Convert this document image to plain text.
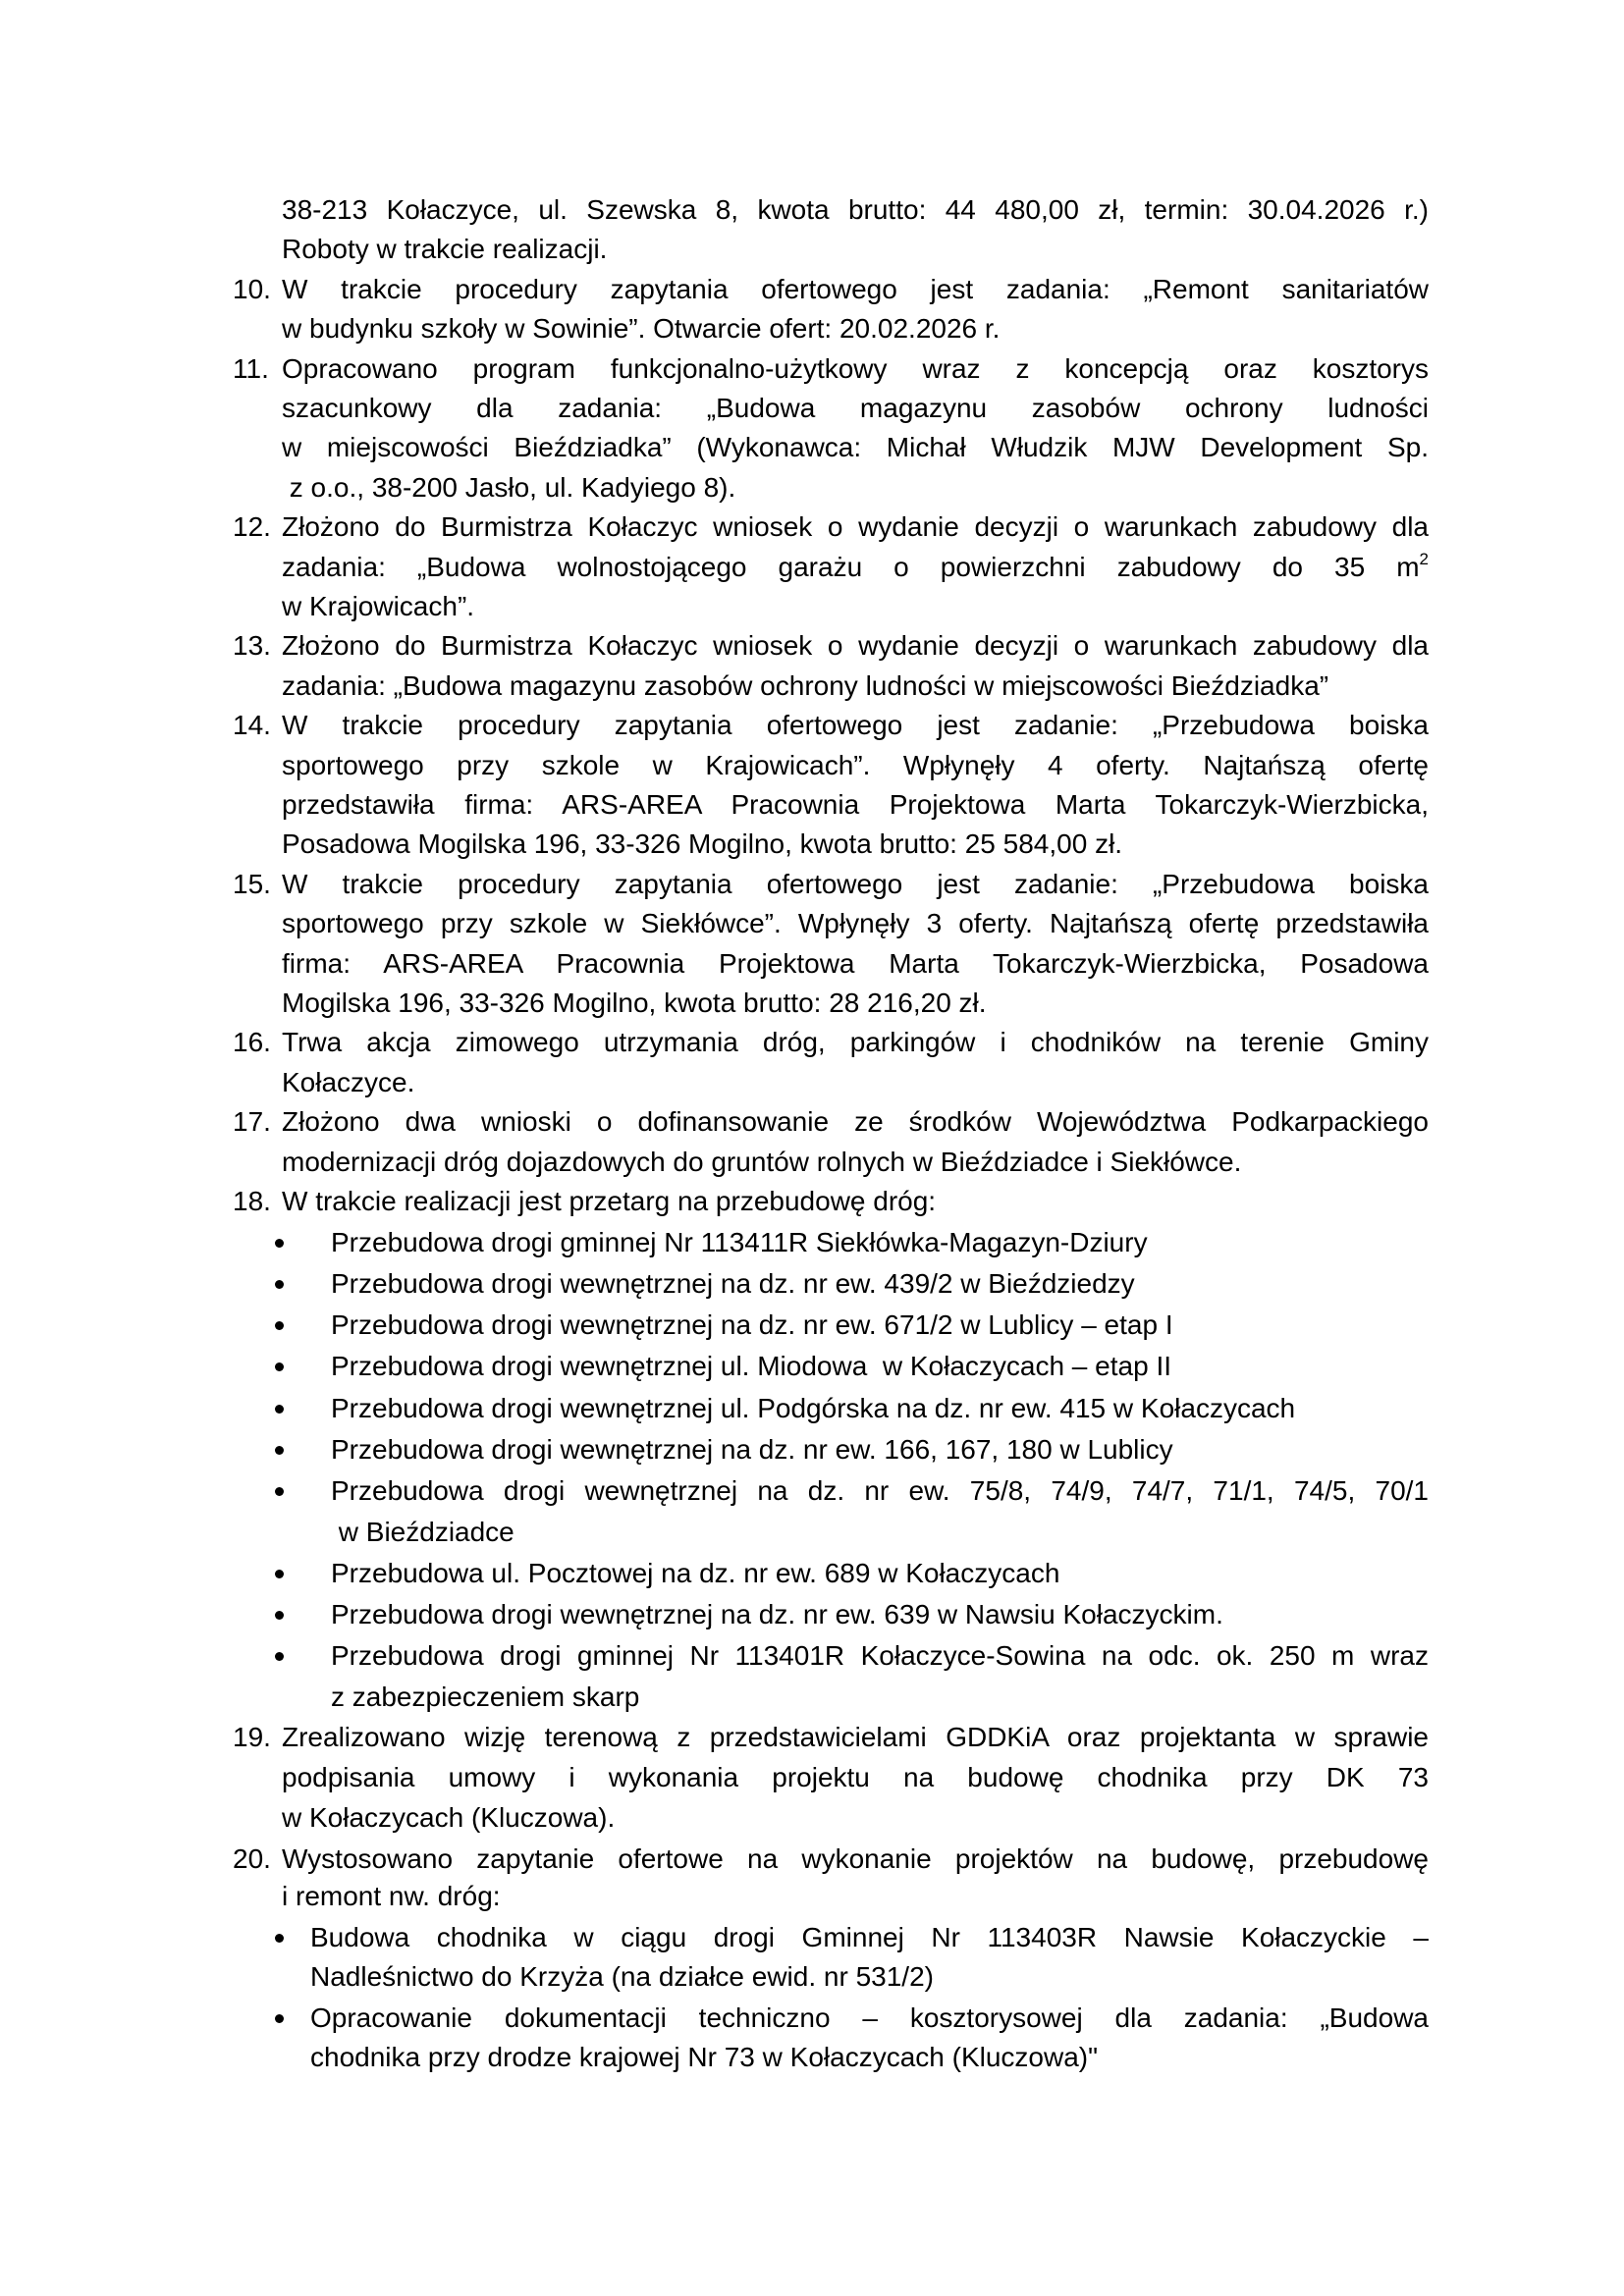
38-213 Kołaczyce, ul. Szewska 8, kwota brutto: 44 480,00 zł, termin: 30.04.2026 r.)
Roboty w trakcie realizacji.
10. W trakcie procedury zapytania ofertowego jest zadania: „Remont sanitariatów
w budynku szkoły w Sowinie”. Otwarcie ofert: 20.02.2026 r.
11. Opracowano program funkcjonalno-użytkowy wraz z koncepcją oraz kosztorys
szacunkowy dla zadania: „Budowa magazynu zasobów ochrony ludności
w miejscowości Bieździadka” (Wykonawca: Michał Włudzik MJW Development Sp.
z o.o., 38-200 Jasło, ul. Kadyiego 8).
12. Złożono do Burmistrza Kołaczyc wniosek o wydanie decyzji o warunkach zabudowy dla
zadania: „Budowa wolnostojącego garażu o powierzchni zabudowy do 35 $m^2$
w Krajowicach”.
13. Złożono do Burmistrza Kołaczyc wniosek o wydanie decyzji o warunkach zabudowy dla
zadania: „Budowa magazynu zasobów ochrony ludności w miejscowości Bieździadka”
14. W trakcie procedury zapytania ofertowego jest zadanie: „Przebudowa boiska
sportowego przy szkole w Krajowicach”. Wpłynęły 4 oferty. Najtańszą ofertę
przedstawiła firma: ARS-AREA Pracownia Projektowa Marta Tokarczyk-Wierzbicka,
Posadowa Mogilska 196, 33-326 Mogilno, kwota brutto: 25 584,00 zł.
15. W trakcie procedury zapytania ofertowego jest zadanie: „Przebudowa boiska
sportowego przy szkole w Siekłówce”. Wpłynęły 3 oferty. Najtańszą ofertę przedstawiła
firma: ARS-AREA Pracownia Projektowa Marta Tokarczyk-Wierzbicka, Posadowa
Mogilska 196, 33-326 Mogilno, kwota brutto: 28 216,20 zł.
16. Trwa akcja zimowego utrzymania dróg, parkingów i chodników na terenie Gminy
Kołaczyce.
17. Złożono dwa wnioski o dofinansowanie ze środków Województwa Podkarpackiego
modernizacji dróg dojazdowych do gruntów rolnych w Bieździadce i Siekłówce.
18. W trakcie realizacji jest przetarg na przebudowę dróg:
Przebudowa drogi gminnej Nr 113411R Siekłówka-Magazyn-Dziury
Przebudowa drogi wewnętrznej na dz. nr ew. 439/2 w Bieździedzy
Przebudowa drogi wewnętrznej na dz. nr ew. 671/2 w Lublicy – etap I
Przebudowa drogi wewnętrznej ul. Miodowa  w Kołaczycach – etap II
Przebudowa drogi wewnętrznej ul. Podgórska na dz. nr ew. 415 w Kołaczycach
Przebudowa drogi wewnętrznej na dz. nr ew. 166, 167, 180 w Lublicy
Przebudowa drogi wewnętrznej na dz. nr ew. 75/8, 74/9, 74/7, 71/1, 74/5, 70/1
w Bieździadce
Przebudowa ul. Pocztowej na dz. nr ew. 689 w Kołaczycach
Przebudowa drogi wewnętrznej na dz. nr ew. 639 w Nawsiu Kołaczyckim.
Przebudowa drogi gminnej Nr 113401R Kołaczyce-Sowina na odc. ok. 250 m wraz
z zabezpieczeniem skarp
19. Zrealizowano wizję terenową z przedstawicielami GDDKiA oraz projektanta w sprawie
podpisania umowy i wykonania projektu na budowę chodnika przy DK 73
w Kołaczycach (Kluczowa).
20. Wystosowano zapytanie ofertowe na wykonanie projektów na budowę, przebudowę
i remont nw. dróg:
Budowa chodnika w ciągu drogi Gminnej Nr 113403R Nawsie Kołaczyckie –
Nadleśnictwo do Krzyża (na działce ewid. nr 531/2)
Opracowanie dokumentacji techniczno – kosztorysowej dla zadania: „Budowa
chodnika przy drodze krajowej Nr 73 w Kołaczycach (Kluczowa)"
